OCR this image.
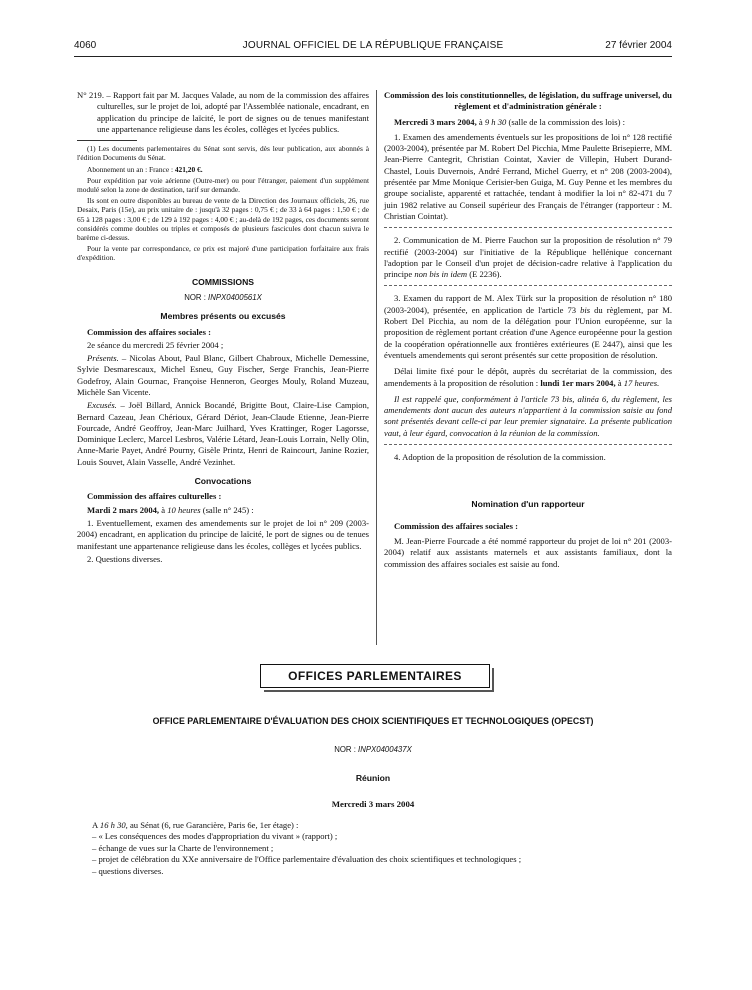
4060	JOURNAL OFFICIEL DE LA RÉPUBLIQUE FRANÇAISE	27 février 2004

N° 219. – Rapport fait par M. Jacques Valade, au nom de la commission des affaires culturelles, sur le projet de loi, adopté par l'Assemblée nationale, encadrant, en application du principe de laïcité, le port de signes ou de tenues manifestant une appartenance religieuse dans les écoles, collèges et lycées publics.

(1) Les documents parlementaires du Sénat sont servis, dès leur publication, aux abonnés à l'édition Documents du Sénat.

Abonnement un an : France : 421,20 €.

Pour expédition par voie aérienne (Outre-mer) ou pour l'étranger, paiement d'un supplément modulé selon la zone de destination, tarif sur demande.

Ils sont en outre disponibles au bureau de vente de la Direction des Journaux officiels, 26, rue Desaix, Paris (15e), au prix unitaire de : jusqu'à 32 pages : 0,75 € ; de 33 à 64 pages : 1,50 € ; de 65 à 128 pages : 3,00 € ; de 129 à 192 pages : 4,00 € ; au-delà de 192 pages, ces documents seront considérés comme doubles ou triples et composés de plusieurs fascicules dont chacun suivra le barème ci-dessus.

Pour la vente par correspondance, ce prix est majoré d'une participation forfaitaire aux frais d'expédition.

COMMISSIONS
NOR : INPX0400561X
Membres présents ou excusés

Commission des affaires sociales :

2e séance du mercredi 25 février 2004 ;

Présents. – Nicolas About, Paul Blanc, Gilbert Chabroux, Michelle Demessine, Sylvie Desmarescaux, Michel Esneu, Guy Fischer, Serge Franchis, Jean-Pierre Godefroy, Alain Gournac, Françoise Henneron, Georges Mouly, Roland Muzeau, Michèle San Vicente.

Excusés. – Joël Billard, Annick Bocandé, Brigitte Bout, Claire-Lise Campion, Bernard Cazeau, Jean Chérioux, Gérard Dériot, Jean-Claude Etienne, Jean-Pierre Fourcade, André Geoffroy, Jean-Marc Juilhard, Yves Krattinger, Roger Lagorsse, Dominique Leclerc, Marcel Lesbros, Valérie Létard, Jean-Louis Lorrain, Nelly Olin, Anne-Marie Payet, André Pourny, Gisèle Printz, Henri de Raincourt, Janine Rozier, Louis Souvet, Alain Vasselle, André Vezinhet.

Convocations

Commission des affaires culturelles :

Mardi 2 mars 2004, à 10 heures (salle n° 245) :

1. Eventuellement, examen des amendements sur le projet de loi n° 209 (2003-2004) encadrant, en application du principe de laïcité, le port de signes ou de tenues manifestant une appartenance religieuse dans les écoles, collèges et lycées publics.

2. Questions diverses.

Commission des lois constitutionnelles, de législation, du suffrage universel, du règlement et d'administration générale :

Mercredi 3 mars 2004, à 9 h 30 (salle de la commission des lois) :

1. Examen des amendements éventuels sur les propositions de loi n° 128 rectifié (2003-2004), présentée par M. Robert Del Picchia, Mme Paulette Brisepierre, MM. Jean-Pierre Cantegrit, Christian Cointat, Xavier de Villepin, Hubert Durand-Chastel, Louis Duvernois, André Ferrand, Michel Guerry, et n° 208 (2003-2004), présentée par Mme Monique Cerisier-ben Guiga, M. Guy Penne et les membres du groupe socialiste, apparenté et rattachée, tendant à modifier la loi n° 82-471 du 7 juin 1982 relative au Conseil supérieur des Français de l'étranger (rapporteur : M. Christian Cointat).

2. Communication de M. Pierre Fauchon sur la proposition de résolution n° 79 rectifié (2003-2004) sur l'initiative de la République hellénique concernant l'adoption par le Conseil d'un projet de décision-cadre relative à l'application du principe non bis in idem (E 2236).

3. Examen du rapport de M. Alex Türk sur la proposition de résolution n° 180 (2003-2004), présentée, en application de l'article 73 bis du règlement, par M. Robert Del Picchia, au nom de la délégation pour l'Union européenne, sur la proposition de règlement portant création d'une Agence européenne pour la gestion de la coopération opérationnelle aux frontières extérieures (E 2447), ainsi que les éventuels amendements qui seront présentés sur cette proposition de résolution.

Délai limite fixé pour le dépôt, auprès du secrétariat de la commission, des amendements à la proposition de résolution : lundi 1er mars 2004, à 17 heures.

Il est rappelé que, conformément à l'article 73 bis, alinéa 6, du règlement, les amendements dont aucun des auteurs n'appartient à la commission saisie au fond sont présentés devant celle-ci par leur premier signataire. La présente publication vaut, à leur égard, convocation à la réunion de la commission.

4. Adoption de la proposition de résolution de la commission.

Nomination d'un rapporteur

Commission des affaires sociales :

M. Jean-Pierre Fourcade a été nommé rapporteur du projet de loi n° 201 (2003-2004) relatif aux assistants maternels et aux assistants familiaux, dont la commission des affaires sociales est saisie au fond.

OFFICES PARLEMENTAIRES
OFFICE PARLEMENTAIRE D'ÉVALUATION DES CHOIX SCIENTIFIQUES ET TECHNOLOGIQUES (OPECST)
NOR : INPX0400437X
Réunion
Mercredi 3 mars 2004
A 16 h 30, au Sénat (6, rue Garancière, Paris 6e, 1er étage) :
– « Les conséquences des modes d'appropriation du vivant » (rapport) ;
– échange de vues sur la Charte de l'environnement ;
– projet de célébration du XXe anniversaire de l'Office parlementaire d'évaluation des choix scientifiques et technologiques ;
– questions diverses.
